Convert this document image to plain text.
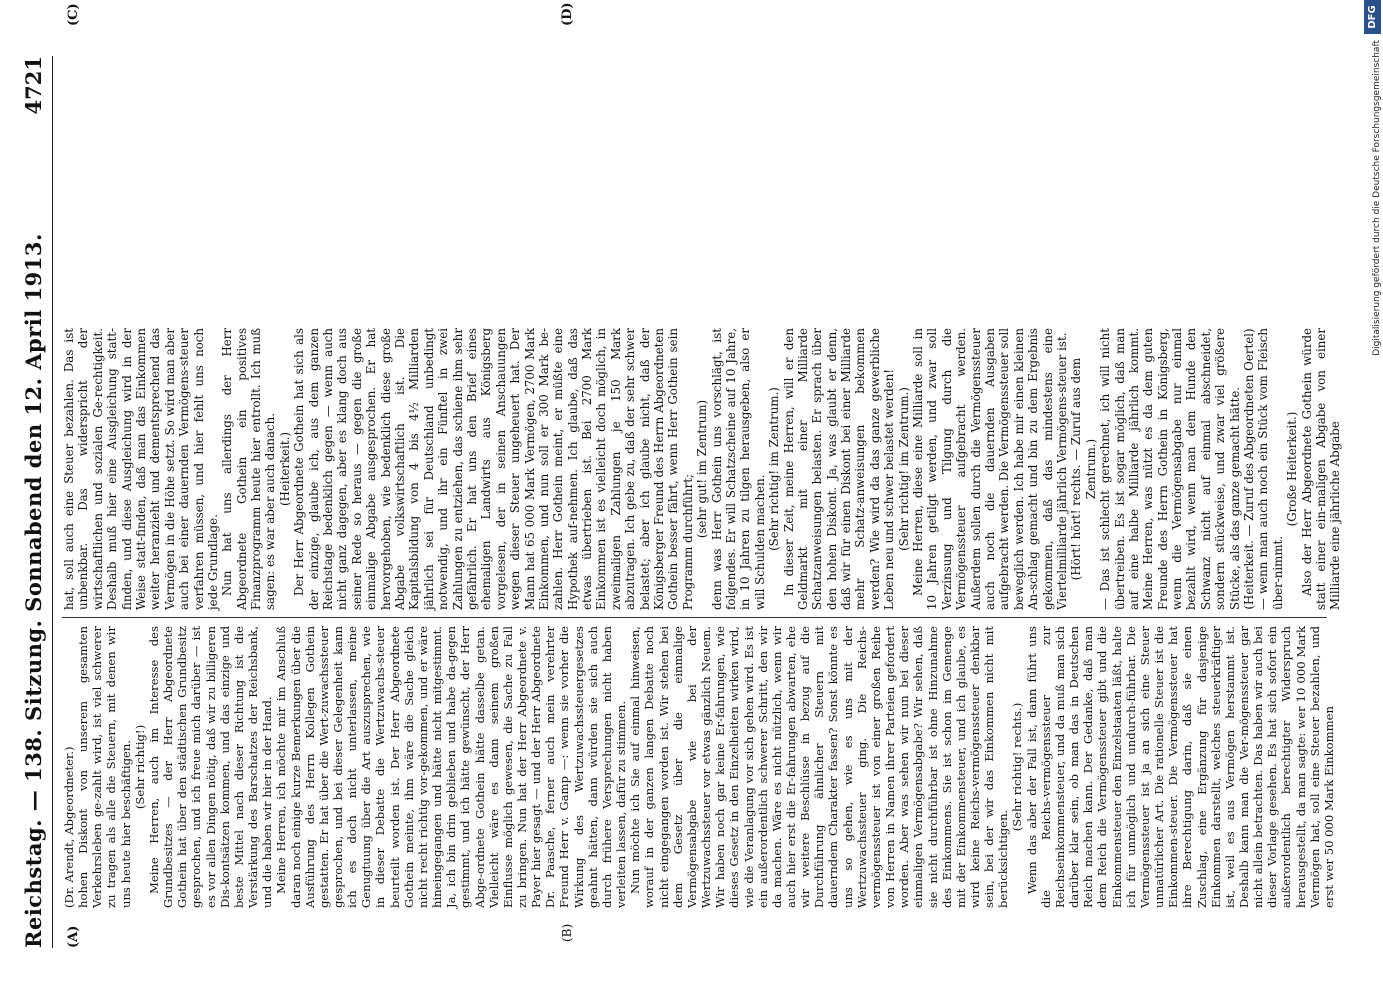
Reichstag. — 138. Sitzung. Sonnabend den 12. April 1913.
4721
(A)	(B)
(C)	(D)

(Dr. Arendt, Abgeordneter.) hohen Diskont von unserem gesamten Verkehrsleben ge-zahlt wird, ist viel schwerer zu tragen als alle die Steuern, mit denen wir uns heute hier beschäftigen. (Sehr richtig!) Meine Herren, auch im Interesse des Grundbesitzes — der Herr Abgeordnete Gothein hat über den städtischen Grundbesitz gesprochen, und ich freue mich darüber — ist es vor allen Dingen nötig, daß wir zu billigeren Dis-kontsätzen kommen, und das einzige und beste Mittel nach dieser Richtung ist die Verstärkung des Barschatzes der Reichsbank, und die haben wir hier in der Hand. Meine Herren, ich möchte mir im Anschluß daran noch einige kurze Bemerkungen über die Ausführung des Herrn Kollegen Gothein gestatten. Er hat über die Wert-zuwachssteuer gesprochen, und bei dieser Gelegenheit kann ich es doch nicht unterlassen, meine Genugtuung über die Art auszusprechen, wie in dieser Debatte die Wertzuwachs-steuer beurteilt worden ist. Der Herr Abgeordnete Gothein meinte, ihm wäre die Sache gleich nicht recht richtig vor-gekommen, und er wäre hineingegangen und hätte nicht mitgestimmt. Ja, ich bin drin geblieben und habe da-gegen gestimmt, und ich hätte gewünscht, der Herr Abge-ordnete Gothein hätte dasselbe getan. Vielleicht wäre es dann seinem großen Einflusse möglich gewesen, die Sache zu Fall zu bringen. Nun hat der Herr Abgeordnete v. Payer hier gesagt — und der Herr Abgeordnete Dr. Paasche, ferner auch mein verehrter Freund Herr v. Gamp —: wenn sie vorher die Wirkung des Wertzuwachssteuergesetzes geahnt hätten, dann würden sie sich auch durch frühere Versprechungen nicht haben verleiten lassen, dafür zu stimmen. Nun möchte ich Sie auf einmal hinweisen, worauf in der ganzen langen Debatte noch nicht eingegangen worden ist. Wir stehen bei dem Gesetz über die einmalige Vermögensabgabe wie bei der Wertzuwachssteuer vor etwas gänzlich Neuem. Wir haben noch gar keine Er-fahrungen, wie dieses Gesetz in den Einzelheiten wirken wird, wie die Veranlagung vor sich gehen wird. Es ist ein außerordentlich schwerer Schritt, den wir da machen. Wäre es nicht nützlich, wenn wir auch hier erst die Er-fahrungen abwarten, ehe wir weitere Beschlüsse in bezug auf die Durchführung ähnlicher Steuern mit dauerndem Charakter fassen? Sonst könnte es uns so gehen, wie es uns mit der Wertzuwachssteuer ging. Die Reichs-vermögenssteuer ist von einer großen Reihe von Herren in Namen ihrer Parteien gefordert worden. Aber was sehen wir nun bei dieser einmaligen Vermögensabgabe? Wir sehen, daß sie nicht durchführbar ist ohne Hinzunahme des Einkommens. Sie ist schon im Gemenge mit der Einkommensteuer, und ich glaube, es wird keine Reichs-vermögenssteuer denkbar sein, bei der wir das Einkommen nicht mit berücksichtigen.

(Sehr richtig! rechts.) Wenn das aber der Fall ist, dann führt uns die Reichs-vermögenssteuer zur Reichseinkommensteuer, und da muß man sich darüber klar sein, ob man das in Deutschen Reich machen kann. Der Gedanke, daß man dem Reich die Vermögenssteuer gibt und die Einkommensteuer den Einzelstaaten läßt, halte ich für unmöglich und undurch-führbar. Die Vermögenssteuer ist ja an sich eine Steuer unnatürlicher Art. Die rationelle Steuer ist die Einkommen-steuer. Die Vermögenssteuer hat ihre Berechtigung darin, daß sie einen Zuschlag, eine Ergänzung für dasjenige Einkommen darstellt, welches steuerkräftiger ist, weil es aus Vermögen herstammt ist. Deshalb kann man die Ver-mögenssteuer gar nicht allein betrachten. Das haben wir auch bei dieser Vorlage gesehen. Es hat sich sofort ein außerordentlich berechtigter Widerspruch herausgestellt, da man sagte: wer 10 000 Mark Vermögen hat, soll eine Steuer bezahlen, und erst wer 50 000 Mark Einkommen

hat, soll auch eine Steuer bezahlen. Das ist unbenkbar. Das widerspricht der wirtschaftlichen und sozialen Ge-rechtigkeit. Deshalb muß hier eine Ausgleichung statt-finden, und diese Ausgleichung wird in der Weise statt-finden, daß man das Einkommen weiter heranzieht und dementsprechend das Vermögen in die Höhe setzt. So wird man aber auch bei einer dauernden Vermögens-steuer verfahren müssen, und hier fehlt uns noch jede Grundlage. Nun hat uns allerdings der Herr Abgeordnete Gothein ein positives Finanzprogramm heute hier entrollt. Ich muß sagen: es war aber auch danach. (Heiterkeit.) Der Herr Abgeordnete Gothein hat sich als der einzige, glaube ich, aus dem ganzen Reichstage bedenklich gegen — wenn auch nicht ganz dagegen, aber es klang doch aus seiner Rede so heraus — gegen die große einmalige Abgabe ausgesprochen. Er hat hervorgehoben, wie bedenklich diese große Abgabe volkswirtschaftlich ist. Die Kapitalsbildung von 4 bis 4½ Milliarden jährlich sei für Deutschland unbedingt notwendig, und ihr ein Fünftel in zwei Zahlungen zu entziehen, das schiene ihm sehr gefährlich. Er hat uns den Brief eines ehemaligen Landwirts aus Königsberg vorgelesen, der in seinen Anschauungen wegen dieser Steuer ungeheuert hat. Der Mann hat 65 000 Mark Vermögen, 2700 Mark Einkommen, und nun soll er 300 Mark be-zahlen. Herr Gothein meint, er müßte eine Hypothek auf-nehmen. Ich glaube, daß das etwas übertrieben ist. Bei 2700 Mark Einkommen ist es vielleicht doch möglich, in zweimaligen Zahlungen je 150 Mark abzutragen. Ich gebe zu, daß der sehr schwer belastet; aber ich glaube nicht, daß der Königsberger Freund des Herrn Abgeordneten Gothein besser fährt, wenn Herr Gothein sein Programm durchführt;

(sehr gut! im Zentrum) denn was Herr Gothein uns vorschlägt, ist folgendes. Er will Schatzscheine auf 10 Jahre, in 10 Jahren zu tilgen herausgeben, also er will Schulden machen. (Sehr richtig! im Zentrum.) In dieser Zeit, meine Herren, will er den Geldmarkt mit einer Milliarde Schatzanweisungen belasten. Er sprach über den hohen Diskont. Ja, was glaubt er denn, daß wir für einen Diskont bei einer Milliarde mehr Schatz-anweisungen bekommen werden? Wie wird da das ganze gewerbliche Leben neu und schwer belastet werden! (Sehr richtig! im Zentrum.) Meine Herren, diese eine Milliarde soll in 10 Jahren getilgt werden, und zwar soll Verzinsung und Tilgung durch die Vermögenssteuer aufgebracht werden. Außerdem sollen durch die Vermögenssteuer auch noch die dauernden Ausgaben aufgebracht werden. Die Vermögenssteuer soll beweglich werden. Ich habe mir einen kleinen An-schlag gemacht und bin zu dem Ergebnis gekommen, daß das mindestens eine Viertelmilliarde jährlich Vermögens-steuer ist. (Hört! hört! rechts. — Zuruf aus dem Zentrum.) — Das ist schlecht gerechnet, ich will nicht übertreiben. Es ist sogar möglich, daß man auf eine halbe Milliarde jährlich kommt. Meine Herren, was nützt es da dem guten Freunde des Herrn Gothein in Königsberg, wenn die Vermögensabgabe nur einmal bezahlt wird, wenn man dem Hunde den Schwanz nicht auf einmal abschneidet, sondern stückweise, und zwar viel größere Stücke, als das ganze gemacht hätte. (Heiterkeit. — Zuruf des Abgeordneten Oertel) — wenn man auch noch ein Stück vom Fleisch über-nimmt.

(Große Heiterkeit.) Also der Herr Abgeordnete Gothein würde statt einer ein-maligen Abgabe von einer Milliarde eine jährliche Abgabe

Digitalisierung gefördert durch die Deutsche Forschungsgemeinschaft
DFG
